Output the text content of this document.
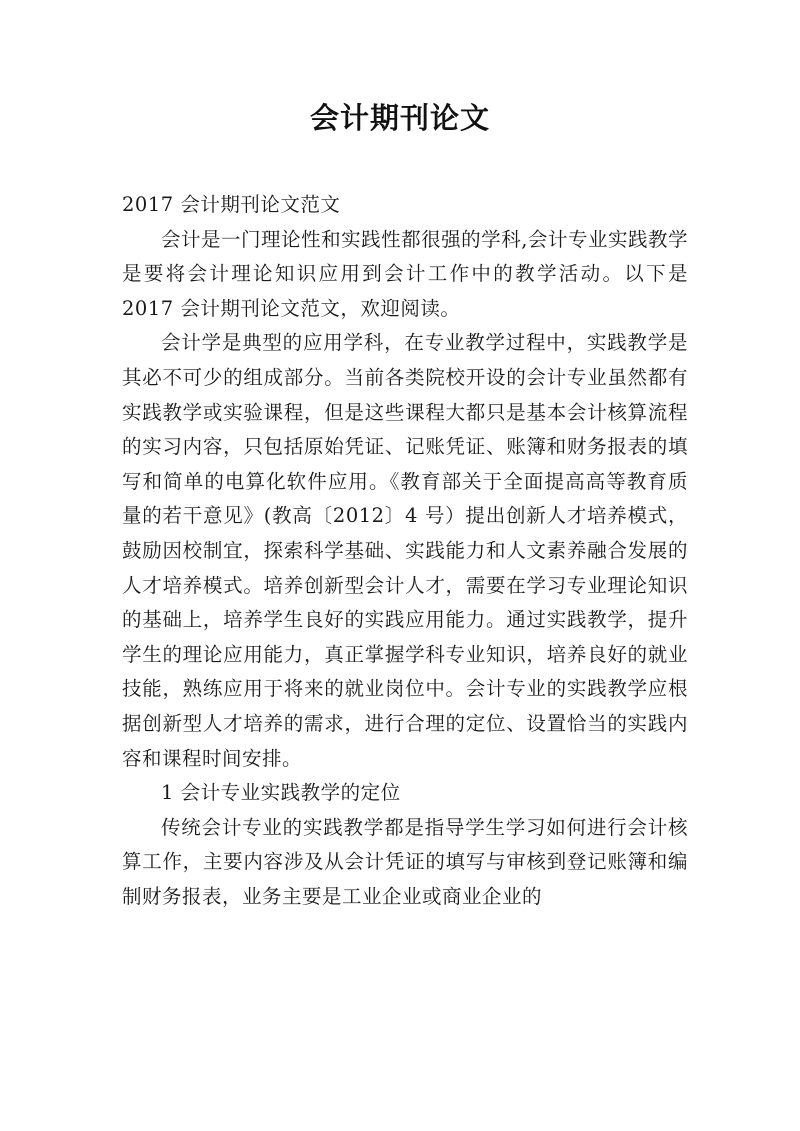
会计期刊论文

2017 会计期刊论文范文

会计是一门理论性和实践性都很强的学科,会计专业实践教学是要将会计理论知识应用到会计工作中的教学活动。以下是 2017 会计期刊论文范文，欢迎阅读。

会计学是典型的应用学科，在专业教学过程中，实践教学是其必不可少的组成部分。当前各类院校开设的会计专业虽然都有实践教学或实验课程，但是这些课程大都只是基本会计核算流程的实习内容，只包括原始凭证、记账凭证、账簿和财务报表的填写和简单的电算化软件应用。《教育部关于全面提高高等教育质量的若干意见》(教高〔2012〕4 号）提出创新人才培养模式，鼓励因校制宜，探索科学基础、实践能力和人文素养融合发展的人才培养模式。培养创新型会计人才，需要在学习专业理论知识的基础上，培养学生良好的实践应用能力。通过实践教学，提升学生的理论应用能力，真正掌握学科专业知识，培养良好的就业技能，熟练应用于将来的就业岗位中。会计专业的实践教学应根据创新型人才培养的需求，进行合理的定位、设置恰当的实践内容和课程时间安排。

1 会计专业实践教学的定位

传统会计专业的实践教学都是指导学生学习如何进行会计核算工作，主要内容涉及从会计凭证的填写与审核到登记账簿和编制财务报表，业务主要是工业企业或商业企业的
